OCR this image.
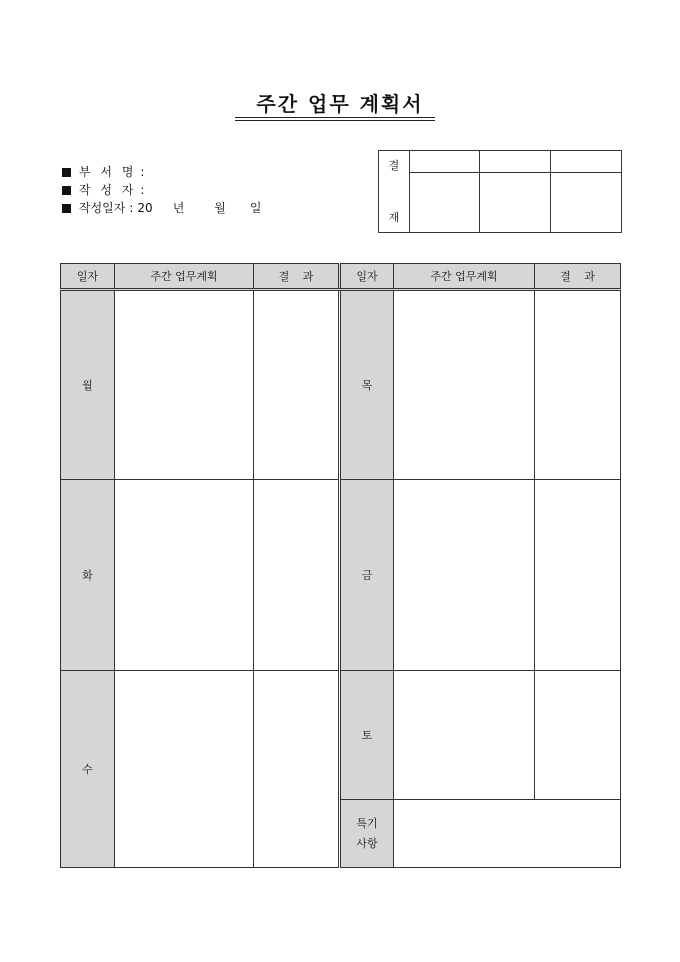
주간 업무 계획서
부 서 명 :
작 성 자 :
작성일자 : 20 년	월 일
결
재			

일자	주간 업무계획	결 과	일자	주간 업무계획	결 과
월			목		
화			금		
수			토		

			특기
사항		
